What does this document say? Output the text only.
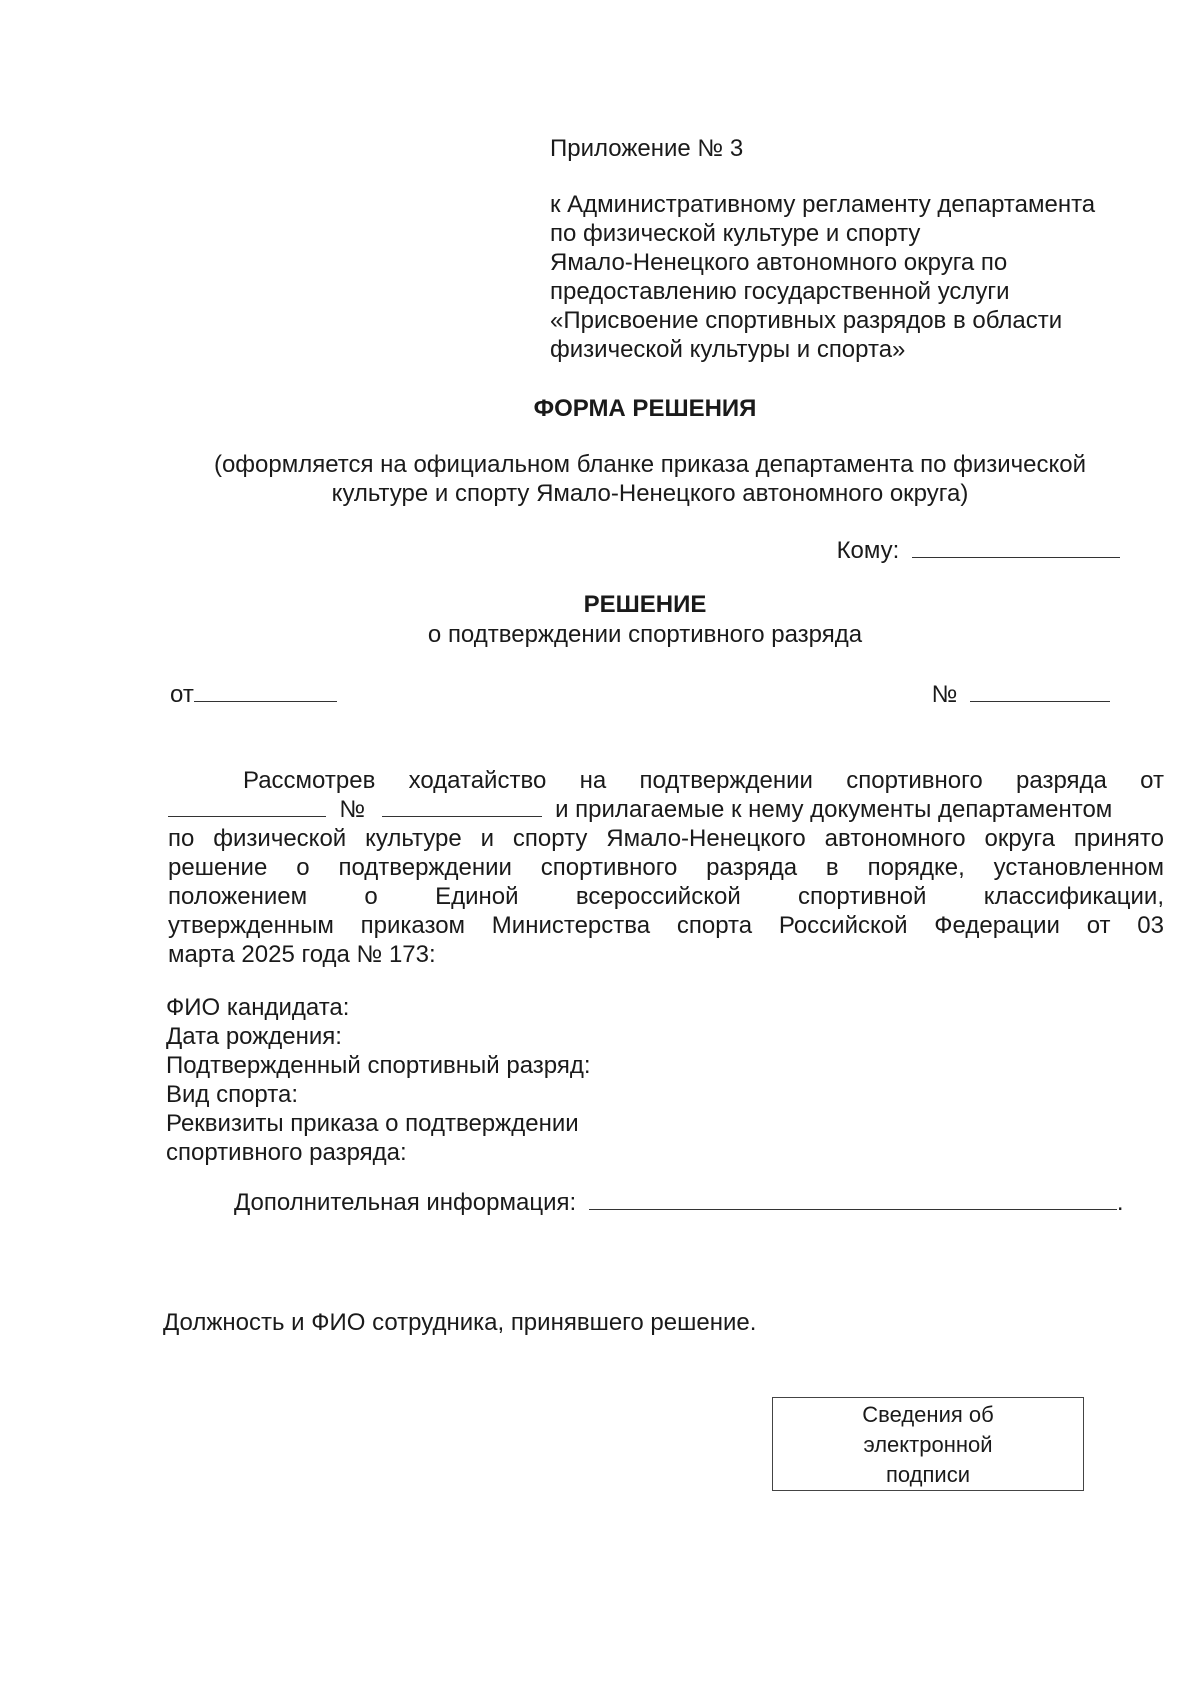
Приложение № 3
к Административному регламенту департамента
по физической культуре и спорту
Ямало-Ненецкого автономного округа по
предоставлению государственной услуги
«Присвоение спортивных разрядов в области
физической культуры и спорта»
ФОРМА РЕШЕНИЯ
(оформляется на официальном бланке приказа департамента по физической
культуре и спорту Ямало-Ненецкого автономного округа)
Кому:
РЕШЕНИЕ
о подтверждении спортивного разряда
от	№
Рассмотрев ходатайство на подтверждении спортивного разряда от
№	и прилагаемые к нему документы департаментом
по физической культуре и спорту Ямало-Ненецкого автономного округа принято
решение о подтверждении спортивного разряда в порядке, установленном
положением о Единой всероссийской спортивной классификации,
утвержденным приказом Министерства спорта Российской Федерации от 03
марта 2025 года № 173:
ФИО кандидата:
Дата рождения:
Подтвержденный спортивный разряд:
Вид спорта:
Реквизиты приказа о подтверждении
спортивного разряда:
Дополнительная информация:	.
Должность и ФИО сотрудника, принявшего решение.
Сведения об
электронной
подписи
